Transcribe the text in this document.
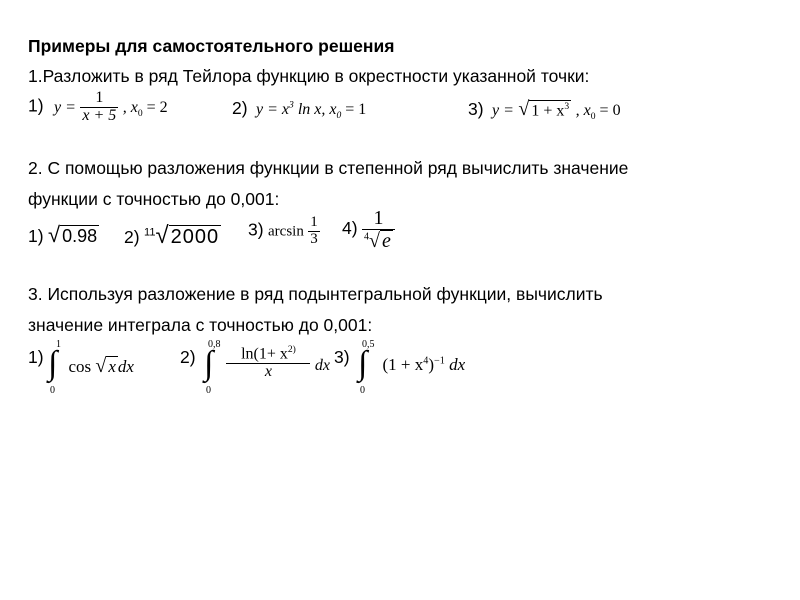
Примеры для самостоятельного решения
1.Разложить в ряд Тейлора функцию в окрестности указанной точки:
1) $y = \frac{1}{x + 5}$ , $x_0 = 2$	2) $y = x^3$ ln x, $x_0 = 1$	3) y = √ $1 + x^3$ , $x_0 = 0$
2. С помощью разложения функции в степенной ряд вычислить значение
функции с точностью до 0,001:
1) √ 0.98 2) $^{11}$√ 2000 3) $\arcsin \frac{1}{3} 4) \frac{1}{^4√ e}$
3. Используя разложение в ряд подынтегральной функции, вычислить
значение интеграла с точностью до 0,001:
1)
1
∫
0
cos √ x dx	2)
0,8
∫
0

$\frac{\ln(1+ x^{2)}}{x}$ dx 3)
0,5
∫
0
$(1 + x^4)^{-1}$ dx
